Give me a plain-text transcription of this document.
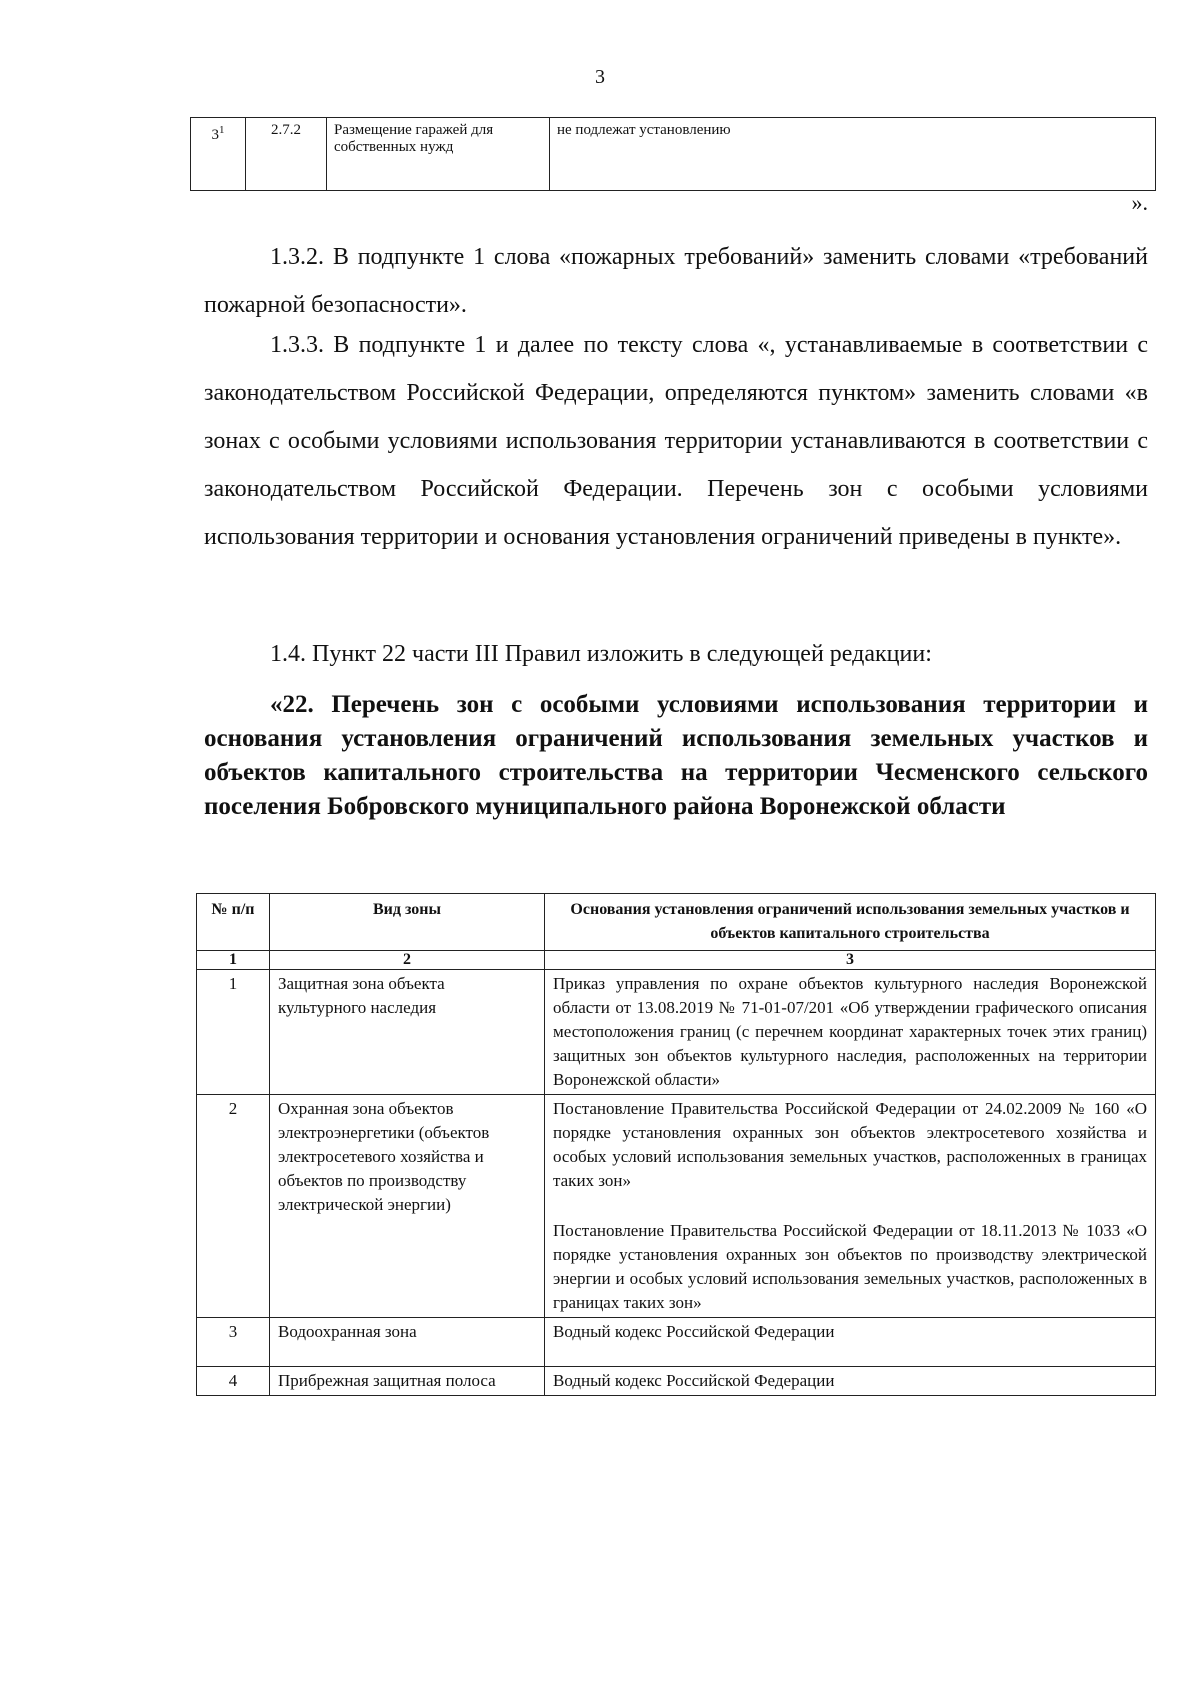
3
$3^1$	2.7.2	Размещение гаражей для собственных нужд	не подлежат установлению
».

1.3.2. В подпункте 1 слова «пожарных требований» заменить словами «требований пожарной безопасности».

1.3.3. В подпункте 1 и далее по тексту слова «, устанавливаемые в соответствии с законодательством Российской Федерации, определяются пунктом» заменить словами «в зонах с особыми условиями использования территории устанавливаются в соответствии с законодательством Российской Федерации. Перечень зон с особыми условиями использования территории и основания установления ограничений приведены в пункте».

1.4. Пункт 22 части III Правил изложить в следующей редакции:

«22. Перечень зон с особыми условиями использования территории и основания установления ограничений использования земельных участков и объектов капитального строительства на территории Чесменского сельского поселения Бобровского муниципального района Воронежской области
№ п/п	Вид зоны	Основания установления ограничений использования земельных участков и объектов капитального строительства
1	2	3
1	Защитная зона объекта культурного наследия	Приказ управления по охране объектов культурного наследия Воронежской области от 13.08.2019 № 71-01-07/201 «Об утверждении графического описания местоположения границ (с перечнем координат характерных точек этих границ) защитных зон объектов культурного наследия, расположенных на территории Воронежской области»

2	Охранная зона объектов электроэнергетики (объектов электросетевого хозяйства и объектов по производству электрической энергии)	Постановление Правительства Российской Федерации от 24.02.2009 № 160 «О порядке установления охранных зон объектов электросетевого хозяйства и особых условий использования земельных участков, расположенных в границах таких зон»

Постановление Правительства Российской Федерации от 18.11.2013 № 1033 «О порядке установления охранных зон объектов по производству электрической энергии и особых условий использования земельных участков, расположенных в границах таких зон»

3	Водоохранная зона	Водный кодекс Российской Федерации

4	Прибрежная защитная полоса	Водный кодекс Российской Федерации
